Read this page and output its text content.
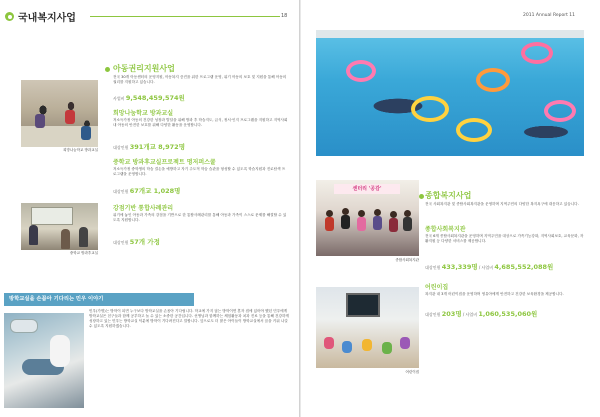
국내복지사업	18	2011 Annual Report 11
희망나눔학교 방과교실
중학교 방과후교실
아동권리지원사업
전국 30개 아동센터의 운영지원, 아동복지 증진을 위한 프로그램 운영, 위기 아동의 보호 및 지원을 통해 아동의 권리를 지원하고 있습니다.
사업비 9,548,459,574원
희망나눔학교 방과교실
저소득가정 아동의 건강한 성장과 발달을 위해 방과 후 학습지도, 급식, 정서·인지 프로그램을 지원하고 지역사회 내 아동의 안전한 보호를 위해 다양한 활동을 운영합니다.
대상인원 391개교 8,972명
중학교 방과후교실프로젝트 명저퍼스쿨
저소득가정 중학생의 학습 결손을 예방하고 자기 주도적 학습 습관을 형성할 수 있도록 학습지원과 진로탐색 프로그램을 운영합니다.
대상인원 67개교 1,028명
강점기반 통합사례관리
위기에 놓인 아동과 가족의 강점을 기반으로 한 통합사례관리를 통해 아동과 가족이 스스로 문제를 해결할 수 있도록 지원합니다.
대상인원 57개 가정
방학교실을 손꼽아 기다리는 민우 이야기
민우(가명)는 방학이 되면 누구보다 방학교실을 손꼽아 기다립니다. 학교에 가지 않는 방학이면 혼자 집에 있어야 했던 민우에게 방학교실은 친구들과 함께 공부하고 놀 수 있는 소중한 공간입니다. 선생님과 함께하는 체험활동과 치과 진료 등을 통해 건강하게 성장하고 있는 민우는 방학교실 덕분에 방학이 기다려진다고 말합니다. 앞으로도 더 많은 아이들이 방학교실에서 꿈을 키워 나갈 수 있도록 지원하겠습니다.
센터리 '공감'
종합사회복지관
어린이집
종합복지사업
전국 사회복지관 및 종합사회복지관을 운영하며 지역주민의 다양한 복지욕구에 대응하고 있습니다.
종합사회복지관
전국 6개 종합사회복지관을 운영하며 지역주민을 대상으로 가족기능강화, 지역사회보호, 교육문화, 자활지원 등 다양한 서비스를 제공합니다.
대상인원 433,339명 / 사업비 4,685,552,088원
어린이집
복지관 내 3개 어린이집을 운영하며 영유아에게 안전하고 건강한 보육환경을 제공합니다.
대상인원 203명 / 사업비 1,060,535,060원
